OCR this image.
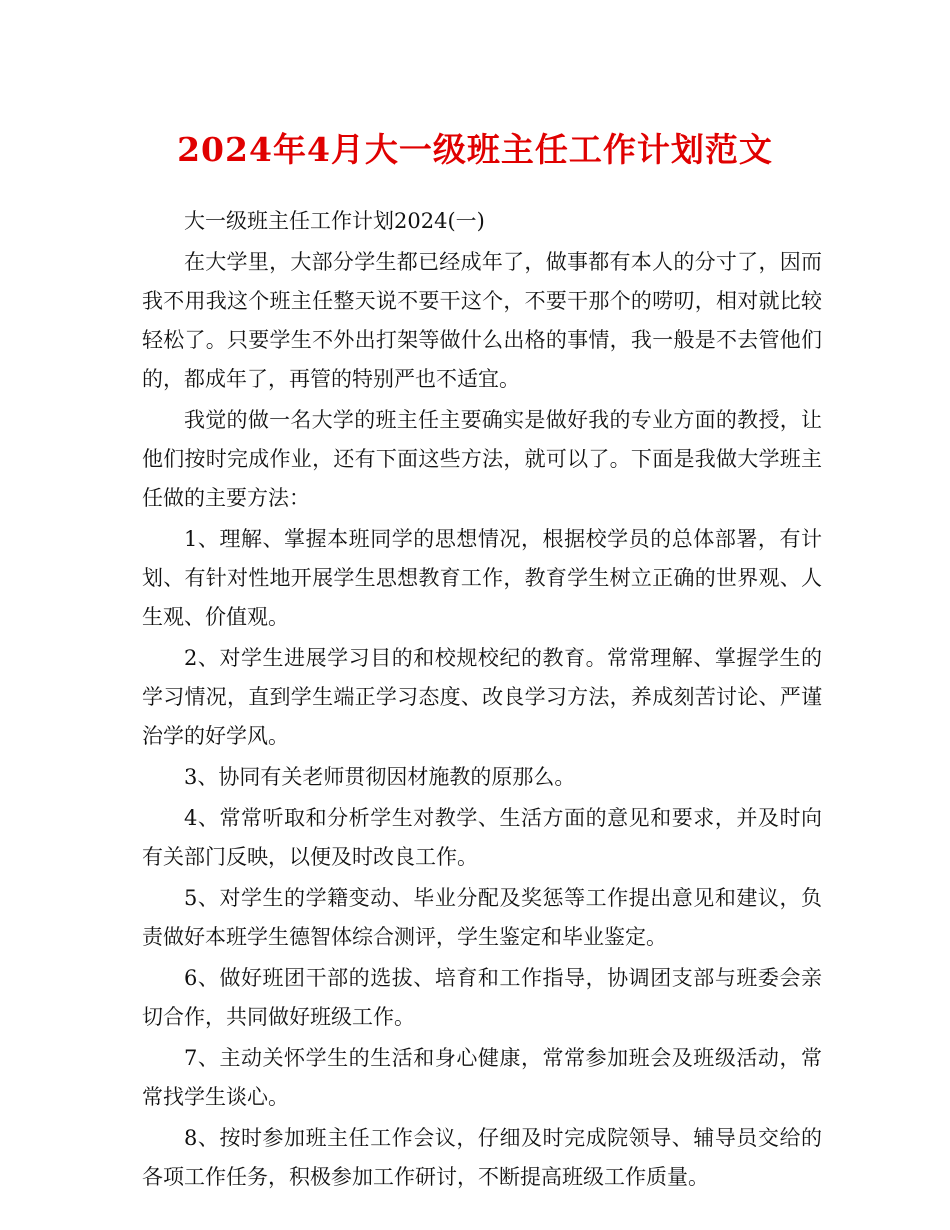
2024年4月大一级班主任工作计划范文

大一级班主任工作计划2024(一)

在大学里，大部分学生都已经成年了，做事都有本人的分寸了，因而我不用我这个班主任整天说不要干这个，不要干那个的唠叨，相对就比较轻松了。只要学生不外出打架等做什么出格的事情，我一般是不去管他们的，都成年了，再管的特别严也不适宜。

我觉的做一名大学的班主任主要确实是做好我的专业方面的教授，让他们按时完成作业，还有下面这些方法，就可以了。下面是我做大学班主任做的主要方法：

1、理解、掌握本班同学的思想情况，根据校学员的总体部署，有计划、有针对性地开展学生思想教育工作，教育学生树立正确的世界观、人生观、价值观。

2、对学生进展学习目的和校规校纪的教育。常常理解、掌握学生的学习情况，直到学生端正学习态度、改良学习方法，养成刻苦讨论、严谨治学的好学风。

3、协同有关老师贯彻因材施教的原那么。

4、常常听取和分析学生对教学、生活方面的意见和要求，并及时向有关部门反映，以便及时改良工作。

5、对学生的学籍变动、毕业分配及奖惩等工作提出意见和建议，负责做好本班学生德智体综合测评，学生鉴定和毕业鉴定。

6、做好班团干部的选拔、培育和工作指导，协调团支部与班委会亲切合作，共同做好班级工作。

7、主动关怀学生的生活和身心健康，常常参加班会及班级活动，常常找学生谈心。

8、按时参加班主任工作会议，仔细及时完成院领导、辅导员交给的各项工作任务，积极参加工作研讨，不断提高班级工作质量。
